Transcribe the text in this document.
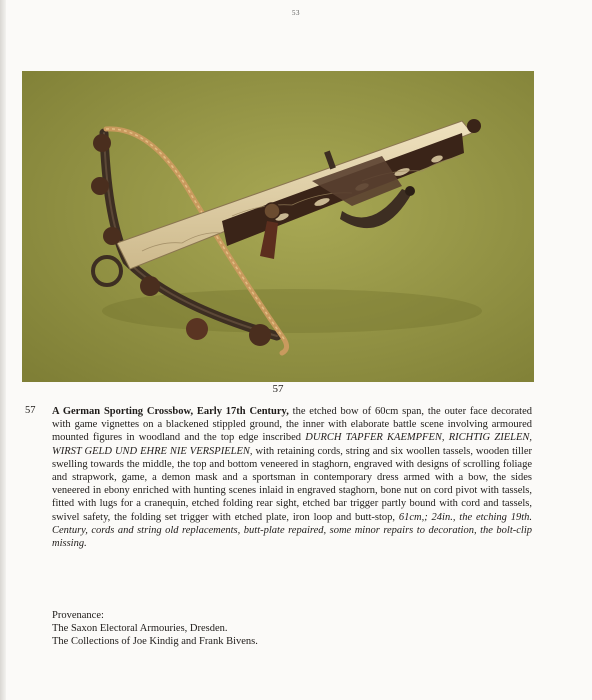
53
57
57 A German Sporting Crossbow, Early 17th Century, the etched bow of 60cm span, the outer face decorated with game vignettes on a blackened stippled ground, the inner with elaborate battle scene involving armoured mounted figures in woodland and the top edge inscribed DURCH TAPFER KAEMPFEN, RICHTIG ZIELEN, WIRST GELD UND EHRE NIE VERSPIELEN, with retaining cords, string and six woollen tassels, wooden tiller swelling towards the middle, the top and bottom veneered in staghorn, engraved with designs of scrolling foliage and strapwork, game, a demon mask and a sportsman in contemporary dress armed with a bow, the sides veneered in ebony enriched with hunting scenes inlaid in engraved staghorn, bone nut on cord pivot with tassels, fitted with lugs for a cranequin, etched folding rear sight, etched bar trigger partly bound with cord and tassels, swivel safety, the folding set trigger with etched plate, iron loop and butt-stop, 61cm,; 24in., the etching 19th. Century, cords and string old replacements, butt-plate repaired, some minor repairs to decoration, the bolt-clip missing.

Provenance:
The Saxon Electoral Armouries, Dresden.
The Collections of Joe Kindig and Frank Bivens.
